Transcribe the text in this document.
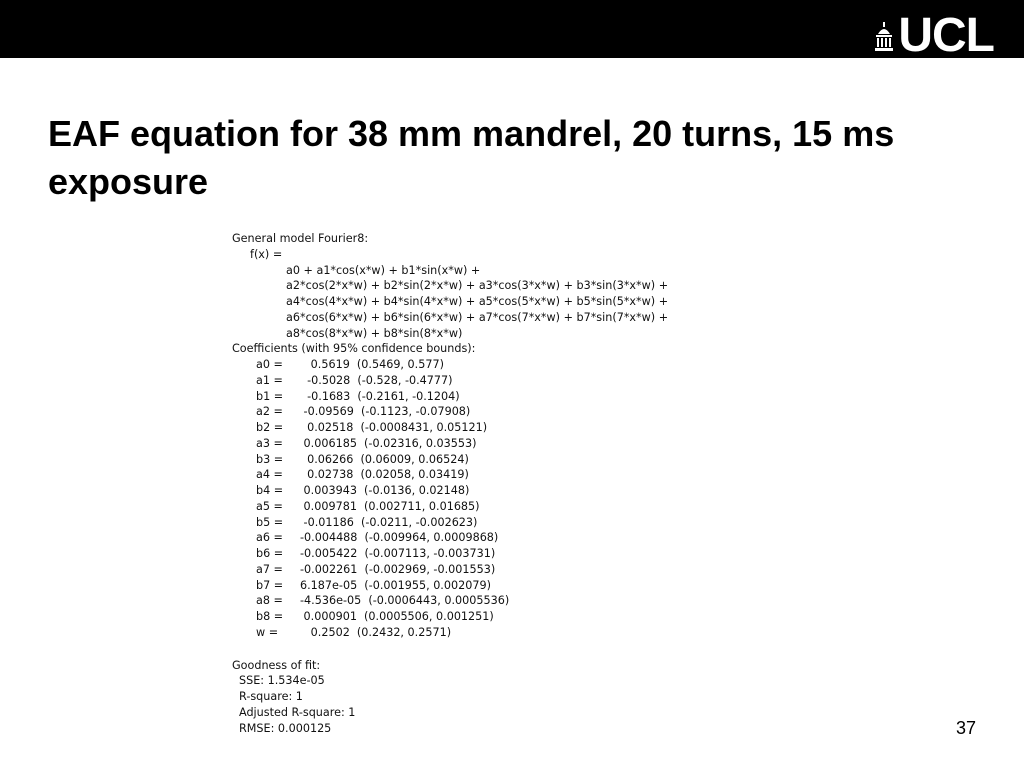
UCL
EAF equation for 38 mm mandrel, 20 turns, 15 ms exposure
General model Fourier8:
f(x) =
a0 + a1*cos(x*w) + b1*sin(x*w) +
a2*cos(2*x*w) + b2*sin(2*x*w) + a3*cos(3*x*w) + b3*sin(3*x*w) +
a4*cos(4*x*w) + b4*sin(4*x*w) + a5*cos(5*x*w) + b5*sin(5*x*w) +
a6*cos(6*x*w) + b6*sin(6*x*w) + a7*cos(7*x*w) + b7*sin(7*x*w) +
a8*cos(8*x*w) + b8*sin(8*x*w)
Coefficients (with 95% confidence bounds):
a0 =	0.5619  (0.5469, 0.577)
a1 =	-0.5028  (-0.528, -0.4777)
b1 =	-0.1683  (-0.2161, -0.1204)
a2 =	-0.09569  (-0.1123, -0.07908)
b2 =	0.02518  (-0.0008431, 0.05121)
a3 =	0.006185  (-0.02316, 0.03553)
b3 =	0.06266  (0.06009, 0.06524)
a4 =	0.02738  (0.02058, 0.03419)
b4 =	0.003943  (-0.0136, 0.02148)
a5 =	0.009781  (0.002711, 0.01685)
b5 =	-0.01186  (-0.0211, -0.002623)
a6 =	-0.004488  (-0.009964, 0.0009868)
b6 =	-0.005422  (-0.007113, -0.003731)
a7 =	-0.002261  (-0.002969, -0.001553)
b7 =	6.187e-05  (-0.001955, 0.002079)
a8 =	-4.536e-05  (-0.0006443, 0.0005536)
b8 =	0.000901  (0.0005506, 0.001251)
w =	0.2502  (0.2432, 0.2571)
Goodness of fit:
SSE: 1.534e-05
R-square: 1
Adjusted R-square: 1
RMSE: 0.000125	37
